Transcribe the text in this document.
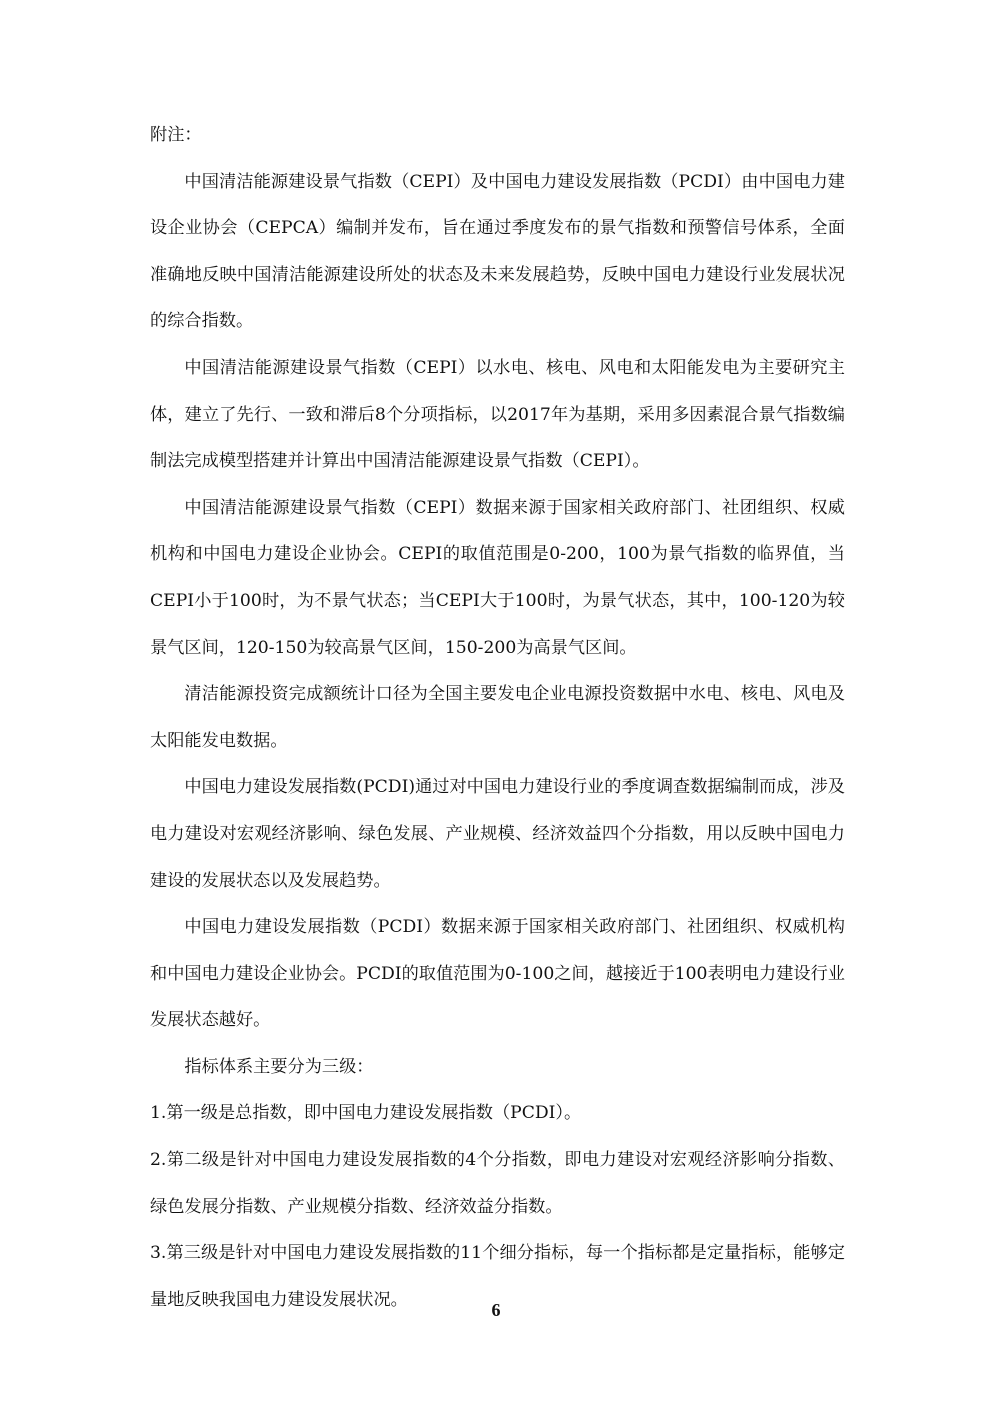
附注：

中国清洁能源建设景气指数（CEPI）及中国电力建设发展指数（PCDI）由中国电力建设企业协会（CEPCA）编制并发布，旨在通过季度发布的景气指数和预警信号体系，全面准确地反映中国清洁能源建设所处的状态及未来发展趋势，反映中国电力建设行业发展状况的综合指数。

中国清洁能源建设景气指数（CEPI）以水电、核电、风电和太阳能发电为主要研究主体，建立了先行、一致和滞后8个分项指标，以2017年为基期，采用多因素混合景气指数编制法完成模型搭建并计算出中国清洁能源建设景气指数（CEPI）。

中国清洁能源建设景气指数（CEPI）数据来源于国家相关政府部门、社团组织、权威机构和中国电力建设企业协会。CEPI的取值范围是0-200，100为景气指数的临界值，当CEPI小于100时，为不景气状态；当CEPI大于100时，为景气状态，其中，100-120为较景气区间，120-150为较高景气区间，150-200为高景气区间。

清洁能源投资完成额统计口径为全国主要发电企业电源投资数据中水电、核电、风电及太阳能发电数据。

中国电力建设发展指数(PCDI)通过对中国电力建设行业的季度调查数据编制而成，涉及电力建设对宏观经济影响、绿色发展、产业规模、经济效益四个分指数，用以反映中国电力建设的发展状态以及发展趋势。

中国电力建设发展指数（PCDI）数据来源于国家相关政府部门、社团组织、权威机构和中国电力建设企业协会。PCDI的取值范围为0-100之间，越接近于100表明电力建设行业发展状态越好。

指标体系主要分为三级：

1.第一级是总指数，即中国电力建设发展指数（PCDI）。

2.第二级是针对中国电力建设发展指数的4个分指数，即电力建设对宏观经济影响分指数、绿色发展分指数、产业规模分指数、经济效益分指数。

3.第三级是针对中国电力建设发展指数的11个细分指标，每一个指标都是定量指标，能够定量地反映我国电力建设发展状况。

6
